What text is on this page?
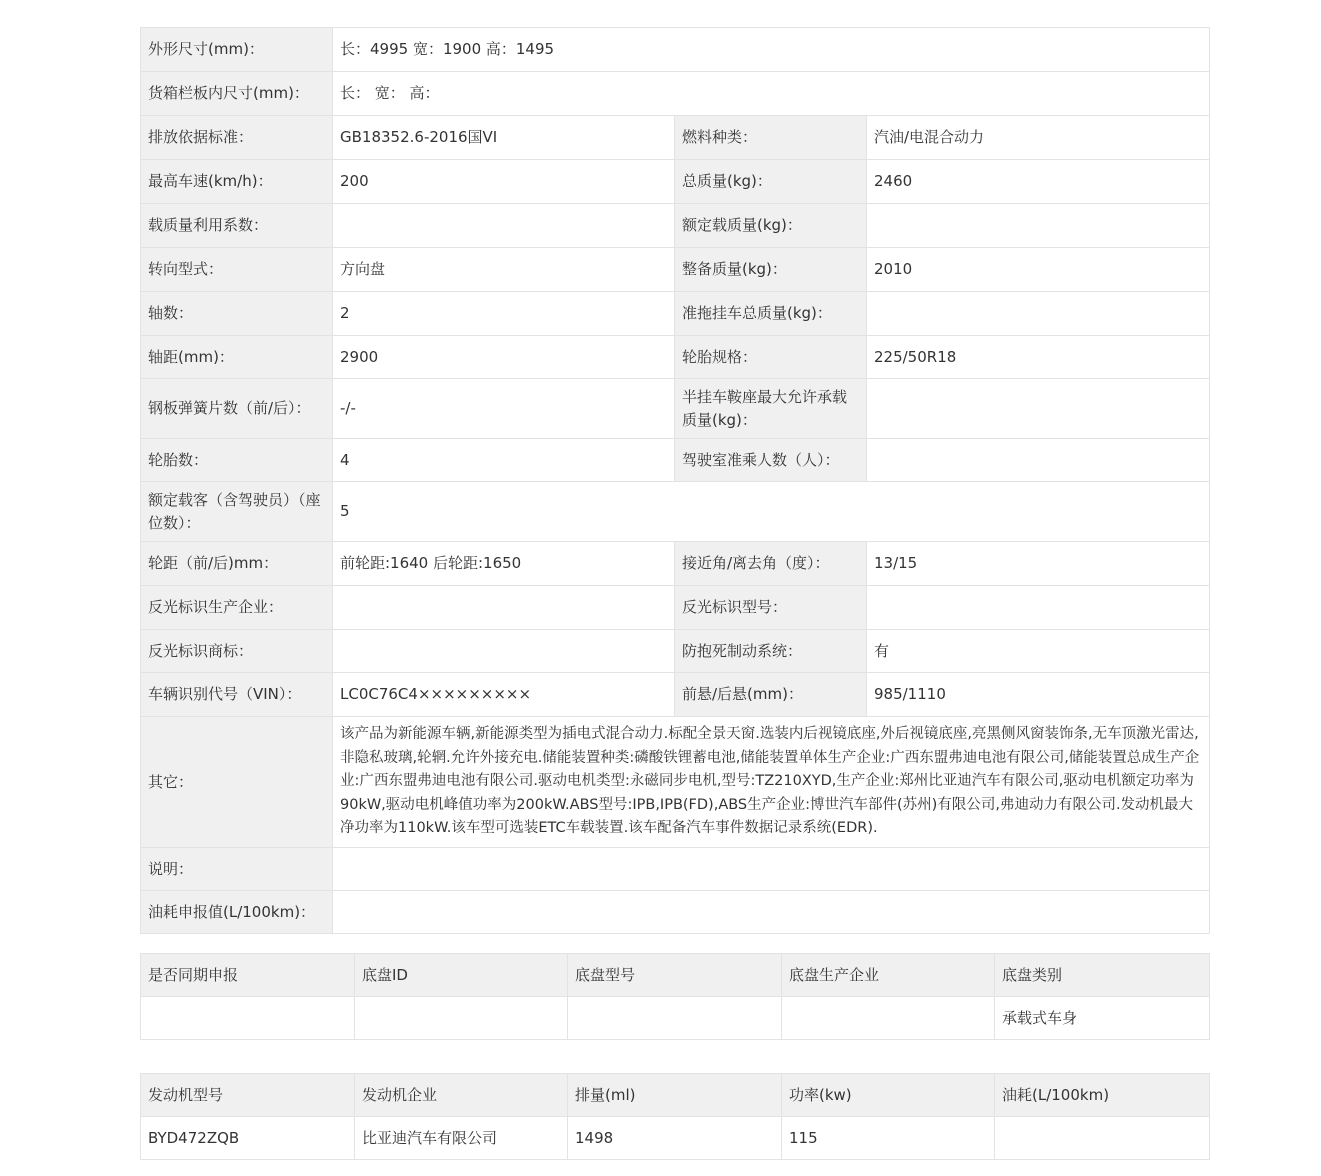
外形尺寸(mm)：	长：4995 宽：1900 高：1495		
货箱栏板内尺寸(mm)：	长： 宽： 高：		
排放依据标准：	GB18352.6-2016国VI	燃料种类：	汽油/电混合动力
最高车速(km/h)：	200	总质量(kg)：	2460
载质量利用系数：		额定载质量(kg)：	
转向型式：	方向盘	整备质量(kg)：	2010
轴数：	2	准拖挂车总质量(kg)：	
轴距(mm)：	2900	轮胎规格：	225/50R18
钢板弹簧片数（前/后）：	-/-	半挂车鞍座最大允许承载质量(kg)：	
轮胎数：	4	驾驶室准乘人数（人）：	
额定载客（含驾驶员）（座位数）：	5		
轮距（前/后)mm：	前轮距:1640 后轮距:1650	接近角/离去角（度）：	13/15
反光标识生产企业：		反光标识型号：	
反光标识商标：		防抱死制动系统：	有
车辆识别代号（VIN）：	LC0C76C4×××××××××	前悬/后悬(mm)：	985/1110
其它：	该产品为新能源车辆,新能源类型为插电式混合动力.标配全景天窗.选装内后视镜底座,外后视镜底座,亮黑侧风窗装饰条,无车顶激光雷达,非隐私玻璃,轮辋.允许外接充电.储能装置种类:磷酸铁锂蓄电池,储能装置单体生产企业:广西东盟弗迪电池有限公司,储能装置总成生产企业:广西东盟弗迪电池有限公司.驱动电机类型:永磁同步电机,型号:TZ210XYD,生产企业:郑州比亚迪汽车有限公司,驱动电机额定功率为90kW,驱动电机峰值功率为200kW.ABS型号:IPB,IPB(FD),ABS生产企业:博世汽车部件(苏州)有限公司,弗迪动力有限公司.发动机最大净功率为110kW.该车型可选装ETC车载装置.该车配备汽车事件数据记录系统(EDR).		
说明：			
油耗申报值(L/100km)：			
是否同期申报	底盘ID	底盘型号	底盘生产企业	底盘类别
				承载式车身
发动机型号	发动机企业	排量(ml)	功率(kw)	油耗(L/100km)
BYD472ZQB	比亚迪汽车有限公司	1498	115	
